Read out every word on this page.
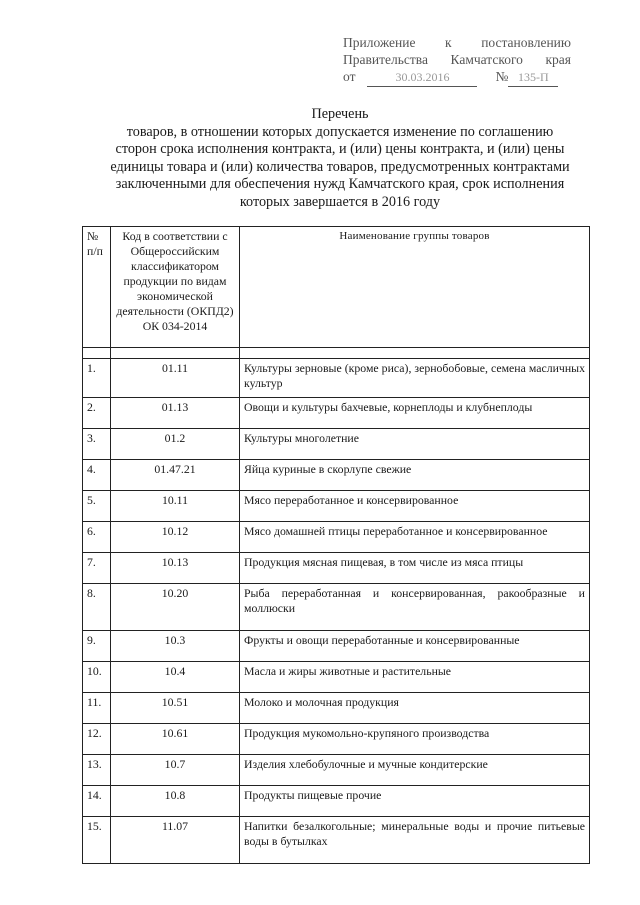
Приложение к постановлению
Правительства Камчатского края
от	30.03.2016	№ 135-П
Перечень
товаров, в отношении которых допускается изменение по соглашению
сторон срока исполнения контракта, и (или) цены контракта, и (или) цены
единицы товара и (или) количества товаров, предусмотренных контрактами
заключенными для обеспечения нужд Камчатского края, срок исполнения
которых завершается в 2016 году
№ п/п	Код в соответствии с Общероссийским классификатором продукции по видам экономической деятельности (ОКПД2) ОК 034-2014	Наименование группы товаров

1.	01.11	Культуры зерновые (кроме риса), зернобобовые, семена масличных культур
2.	01.13	Овощи и культуры бахчевые, корнеплоды и клубнеплоды
3.	01.2	Культуры многолетние
4.	01.47.21	Яйца куриные в скорлупе свежие
5.	10.11	Мясо переработанное и консервированное
6.	10.12	Мясо домашней птицы переработанное и консервированное
7.	10.13	Продукция мясная пищевая, в том числе из мяса птицы
8.	10.20	Рыба переработанная и консервированная, ракообразные и моллюски
9.	10.3	Фрукты и овощи переработанные и консервированные
10.	10.4	Масла и жиры животные и растительные
11.	10.51	Молоко и молочная продукция
12.	10.61	Продукция мукомольно-крупяного производства
13.	10.7	Изделия хлебобулочные и мучные кондитерские
14.	10.8	Продукты пищевые прочие
15.	11.07	Напитки безалкогольные; минеральные воды и прочие питьевые воды в бутылках
